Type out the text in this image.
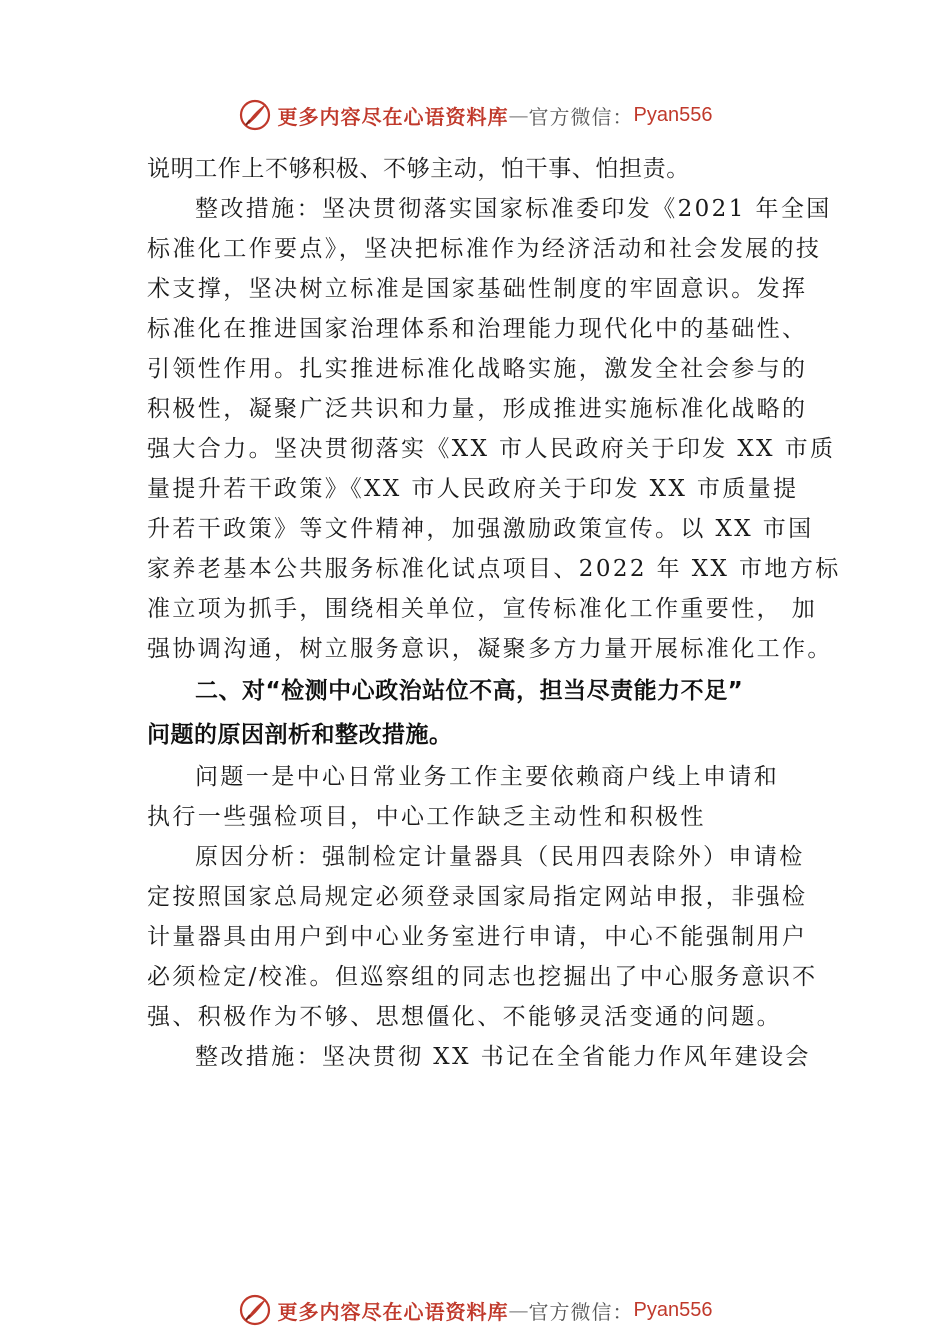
更多内容尽在心语资料库 — 官方微信： Pyan556
说明工作上不够积极、不够主动，怕干事、怕担责。
整改措施：坚决贯彻落实国家标准委印发《2021 年全国
标准化工作要点》，坚决把标准作为经济活动和社会发展的技
术支撑，坚决树立标准是国家基础性制度的牢固意识。发挥
标准化在推进国家治理体系和治理能力现代化中的基础性、
引领性作用。扎实推进标准化战略实施，激发全社会参与的
积极性，凝聚广泛共识和力量，形成推进实施标准化战略的
强大合力。坚决贯彻落实《XX 市人民政府关于印发 XX 市质
量提升若干政策》《XX 市人民政府关于印发 XX 市质量提
升若干政策》等文件精神，加强激励政策宣传。以 XX 市国
家养老基本公共服务标准化试点项目、2022 年 XX 市地方标
准立项为抓手，围绕相关单位，宣传标准化工作重要性， 加
强协调沟通，树立服务意识，凝聚多方力量开展标准化工作。
二、对“检测中心政治站位不高，担当尽责能力不足”
问题的原因剖析和整改措施。
问题一是中心日常业务工作主要依赖商户线上申请和
执行一些强检项目，中心工作缺乏主动性和积极性
原因分析：强制检定计量器具（民用四表除外）申请检
定按照国家总局规定必须登录国家局指定网站申报，非强检
计量器具由用户到中心业务室进行申请，中心不能强制用户
必须检定/校准。但巡察组的同志也挖掘出了中心服务意识不
强、积极作为不够、思想僵化、不能够灵活变通的问题。
整改措施：坚决贯彻 XX 书记在全省能力作风年建设会
更多内容尽在心语资料库 — 官方微信： Pyan556
